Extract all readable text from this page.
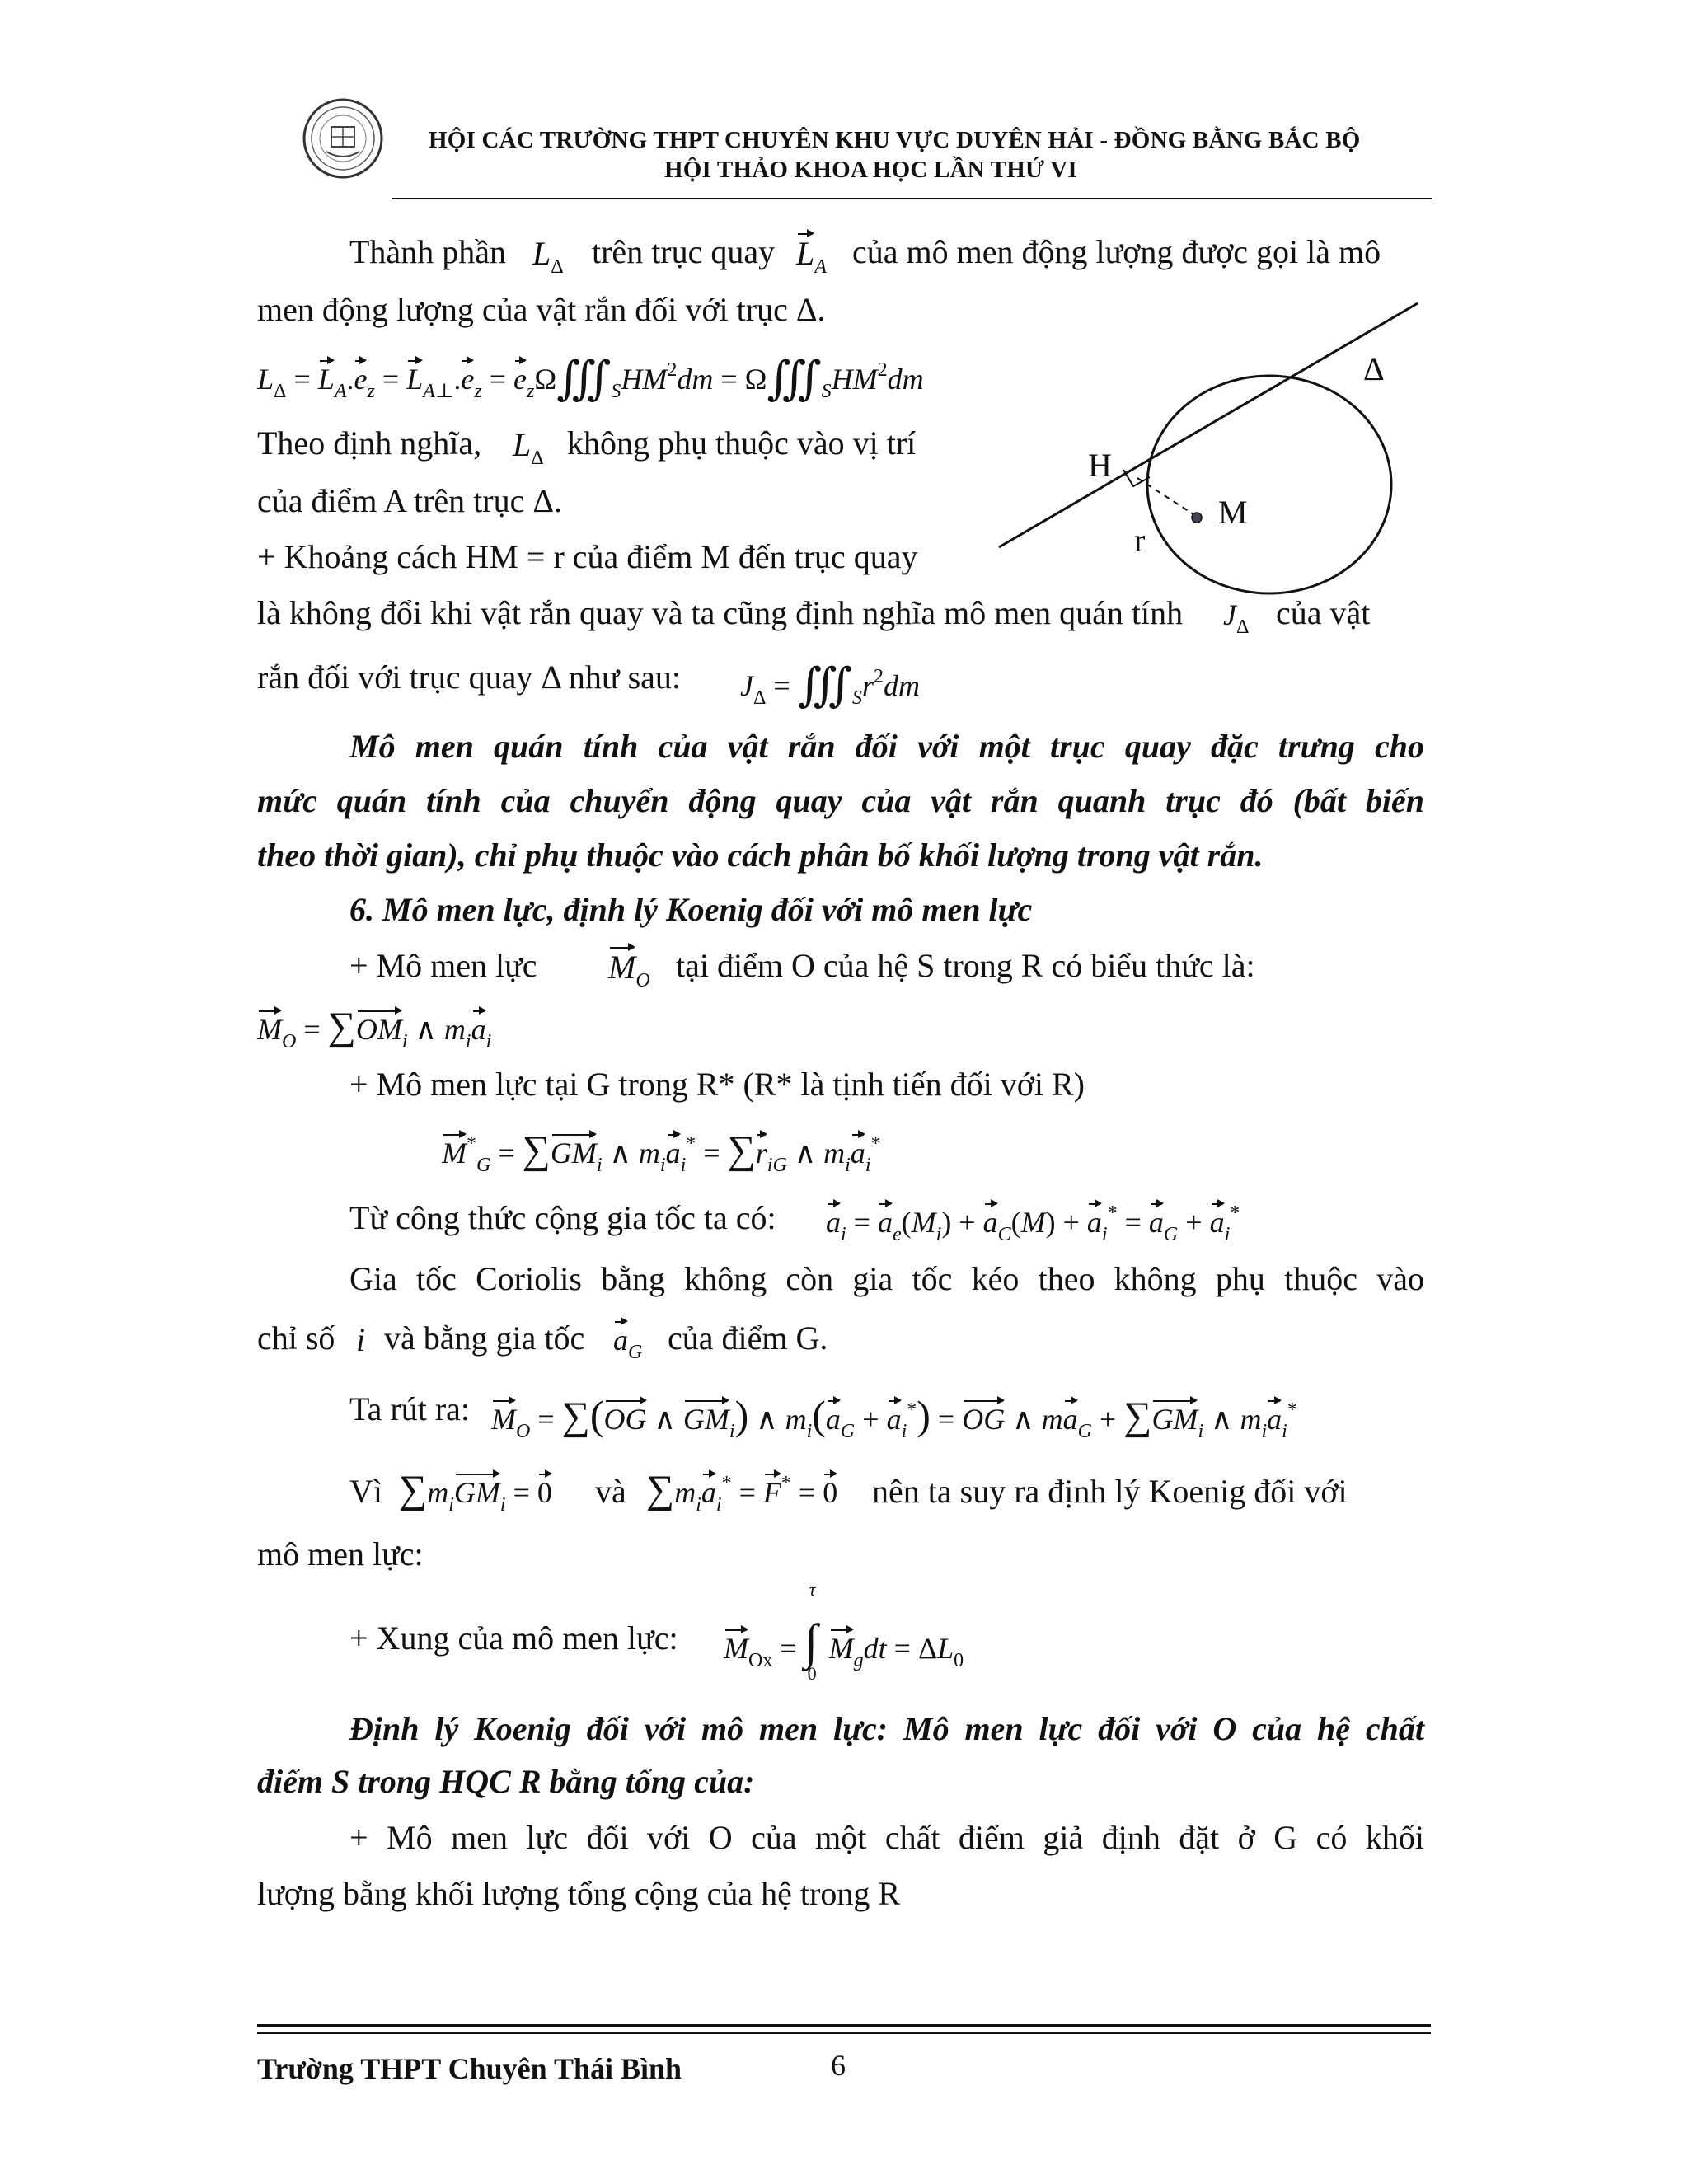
HỘI CÁC TRƯỜNG THPT CHUYÊN KHU VỰC DUYÊN HẢI - ĐỒNG BẰNG BẮC BỘ
HỘI THẢO KHOA HỌC LẦN THỨ VI
Δ
H
M
r
Thành phần $L_\Delta$ trên trục quay $L_A$ của mô men động lượng được gọi là mô
men động lượng của vật rắn đối với trục Δ.
$L_\Delta = L_A.e_z = L_{A\perp}.e_z$ = $e_z\Omega∭_SHM^2dm$ = $\Omega∭_SHM^2dm$
Theo định nghĩa, $L_\Delta$ không phụ thuộc vào vị trí
của điểm A trên trục Δ.
+ Khoảng cách HM = r của điểm M đến trục quay
là không đổi khi vật rắn quay và ta cũng định nghĩa mô men quán tính $J_\Delta$ của vật
rắn đối với trục quay Δ như sau: $J_\Delta$ = $∭_Sr^2dm$
Mô men quán tính của vật rắn đối với một trục quay đặc trưng cho
mức quán tính của chuyển động quay của vật rắn quanh trục đó (bất biến
theo thời gian), chỉ phụ thuộc vào cách phân bố khối lượng trong vật rắn.
6. Mô men lực, định lý Koenig đối với mô men lực
+ Mô men lực $M_O$ tại điểm O của hệ S trong R có biểu thức là:
$M_O = \sum OM_i$ ∧ $m_ia_i$
+ Mô men lực tại G trong R* (R* là tịnh tiến đối với R)
$M^*_G = \sum GM_i$ ∧ $m_ia_i^* = \sum r_{iG}$ ∧ $m_ia_i^*$
Từ công thức cộng gia tốc ta có: $a_i = a_e(M_i) + a_C(M) + a_i^* = a_G + a_i^*$
Gia tốc Coriolis bằng không còn gia tốc kéo theo không phụ thuộc vào
chỉ số i và bằng gia tốc $a_G$ của điểm G.
Ta rút ra: $M_O = \sum(OG$ ∧ $GM_i$) ∧ $m_i(a_G + a_i^*)$ = OG ∧ $ma_G + \sum GM_i$ ∧ $m_ia_i^*$
Vì $\sum m_iGM_i = 0$ và $\sum m_ia_i^* = F^* = 0$ nên ta suy ra định lý Koenig đối với
mô men lực:
+ Xung của mô men lực: $M_{Ox}$ =
τ
∫
0
$M_gdt = \Delta L_0$
Định lý Koenig đối với mô men lực: Mô men lực đối với O của hệ chất
điểm S trong HQC R bằng tổng của:
+ Mô men lực đối với O của một chất điểm giả định đặt ở G có khối
lượng bằng khối lượng tổng cộng của hệ trong R
Trường THPT Chuyên Thái Bình	6
